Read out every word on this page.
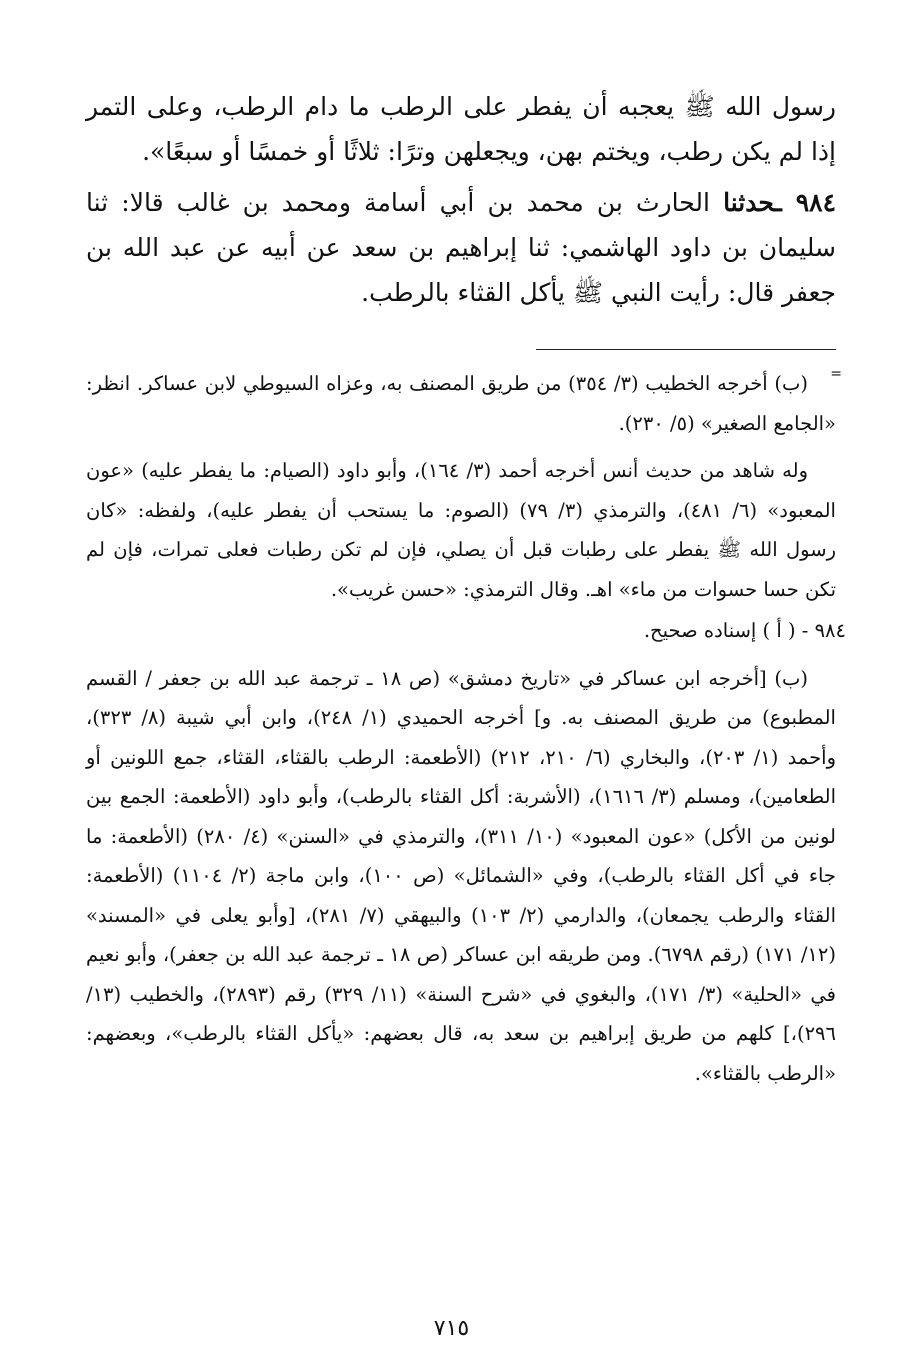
رسول الله ﷺ يعجبه أن يفطر على الرطب ما دام الرطب، وعلى التمر إذا لم يكن رطب، ويختم بهن، ويجعلهن وترًا: ثلاثًا أو خمسًا أو سبعًا».

٩٨٤ ـحدثنا الحارث بن محمد بن أبي أسامة ومحمد بن غالب قالا: ثنا سليمان بن داود الهاشمي: ثنا إبراهيم بن سعد عن أبيه عن عبد الله بن جعفر قال: رأيت النبي ﷺ يأكل القثاء بالرطب.

=

(ب) أخرجه الخطيب (٣/ ٣٥٤) من طريق المصنف به، وعزاه السيوطي لابن عساكر. انظر: «الجامع الصغير» (٥/ ٢٣٠).

وله شاهد من حديث أنس أخرجه أحمد (٣/ ١٦٤)، وأبو داود (الصيام: ما يفطر عليه) «عون المعبود» (٦/ ٤٨١)، والترمذي (٣/ ٧٩) (الصوم: ما يستحب أن يفطر عليه)، ولفظه: «كان رسول الله ﷺ يفطر على رطبات قبل أن يصلي، فإن لم تكن رطبات فعلى تمرات، فإن لم تكن حسا حسوات من ماء» اهـ. وقال الترمذي: «حسن غريب».

٩٨٤ - ( أ ) إسناده صحيح.

(ب) [أخرجه ابن عساكر في «تاريخ دمشق» (ص ١٨ ـ ترجمة عبد الله بن جعفر / القسم المطبوع) من طريق المصنف به. و] أخرجه الحميدي (١/ ٢٤٨)، وابن أبي شيبة (٨/ ٣٢٣)، وأحمد (١/ ٢٠٣)، والبخاري (٦/ ٢١٠، ٢١٢) (الأطعمة: الرطب بالقثاء، القثاء، جمع اللونين أو الطعامين)، ومسلم (٣/ ١٦١٦)، (الأشربة: أكل القثاء بالرطب)، وأبو داود (الأطعمة: الجمع بين لونين من الأكل) «عون المعبود» (١٠/ ٣١١)، والترمذي في «السنن» (٤/ ٢٨٠) (الأطعمة: ما جاء في أكل القثاء بالرطب)، وفي «الشمائل» (ص ١٠٠)، وابن ماجة (٢/ ١١٠٤) (الأطعمة: القثاء والرطب يجمعان)، والدارمي (٢/ ١٠٣) والبيهقي (٧/ ٢٨١)، [وأبو يعلى في «المسند» (١٢/ ١٧١) (رقم ٦٧٩٨). ومن طريقه ابن عساكر (ص ١٨ ـ ترجمة عبد الله بن جعفر)، وأبو نعيم في «الحلية» (٣/ ١٧١)، والبغوي في «شرح السنة» (١١/ ٣٢٩) رقم (٢٨٩٣)، والخطيب (١٣/ ٢٩٦)،] كلهم من طريق إبراهيم بن سعد به، قال بعضهم: «يأكل القثاء بالرطب»، وبعضهم: «الرطب بالقثاء».

٧١٥
